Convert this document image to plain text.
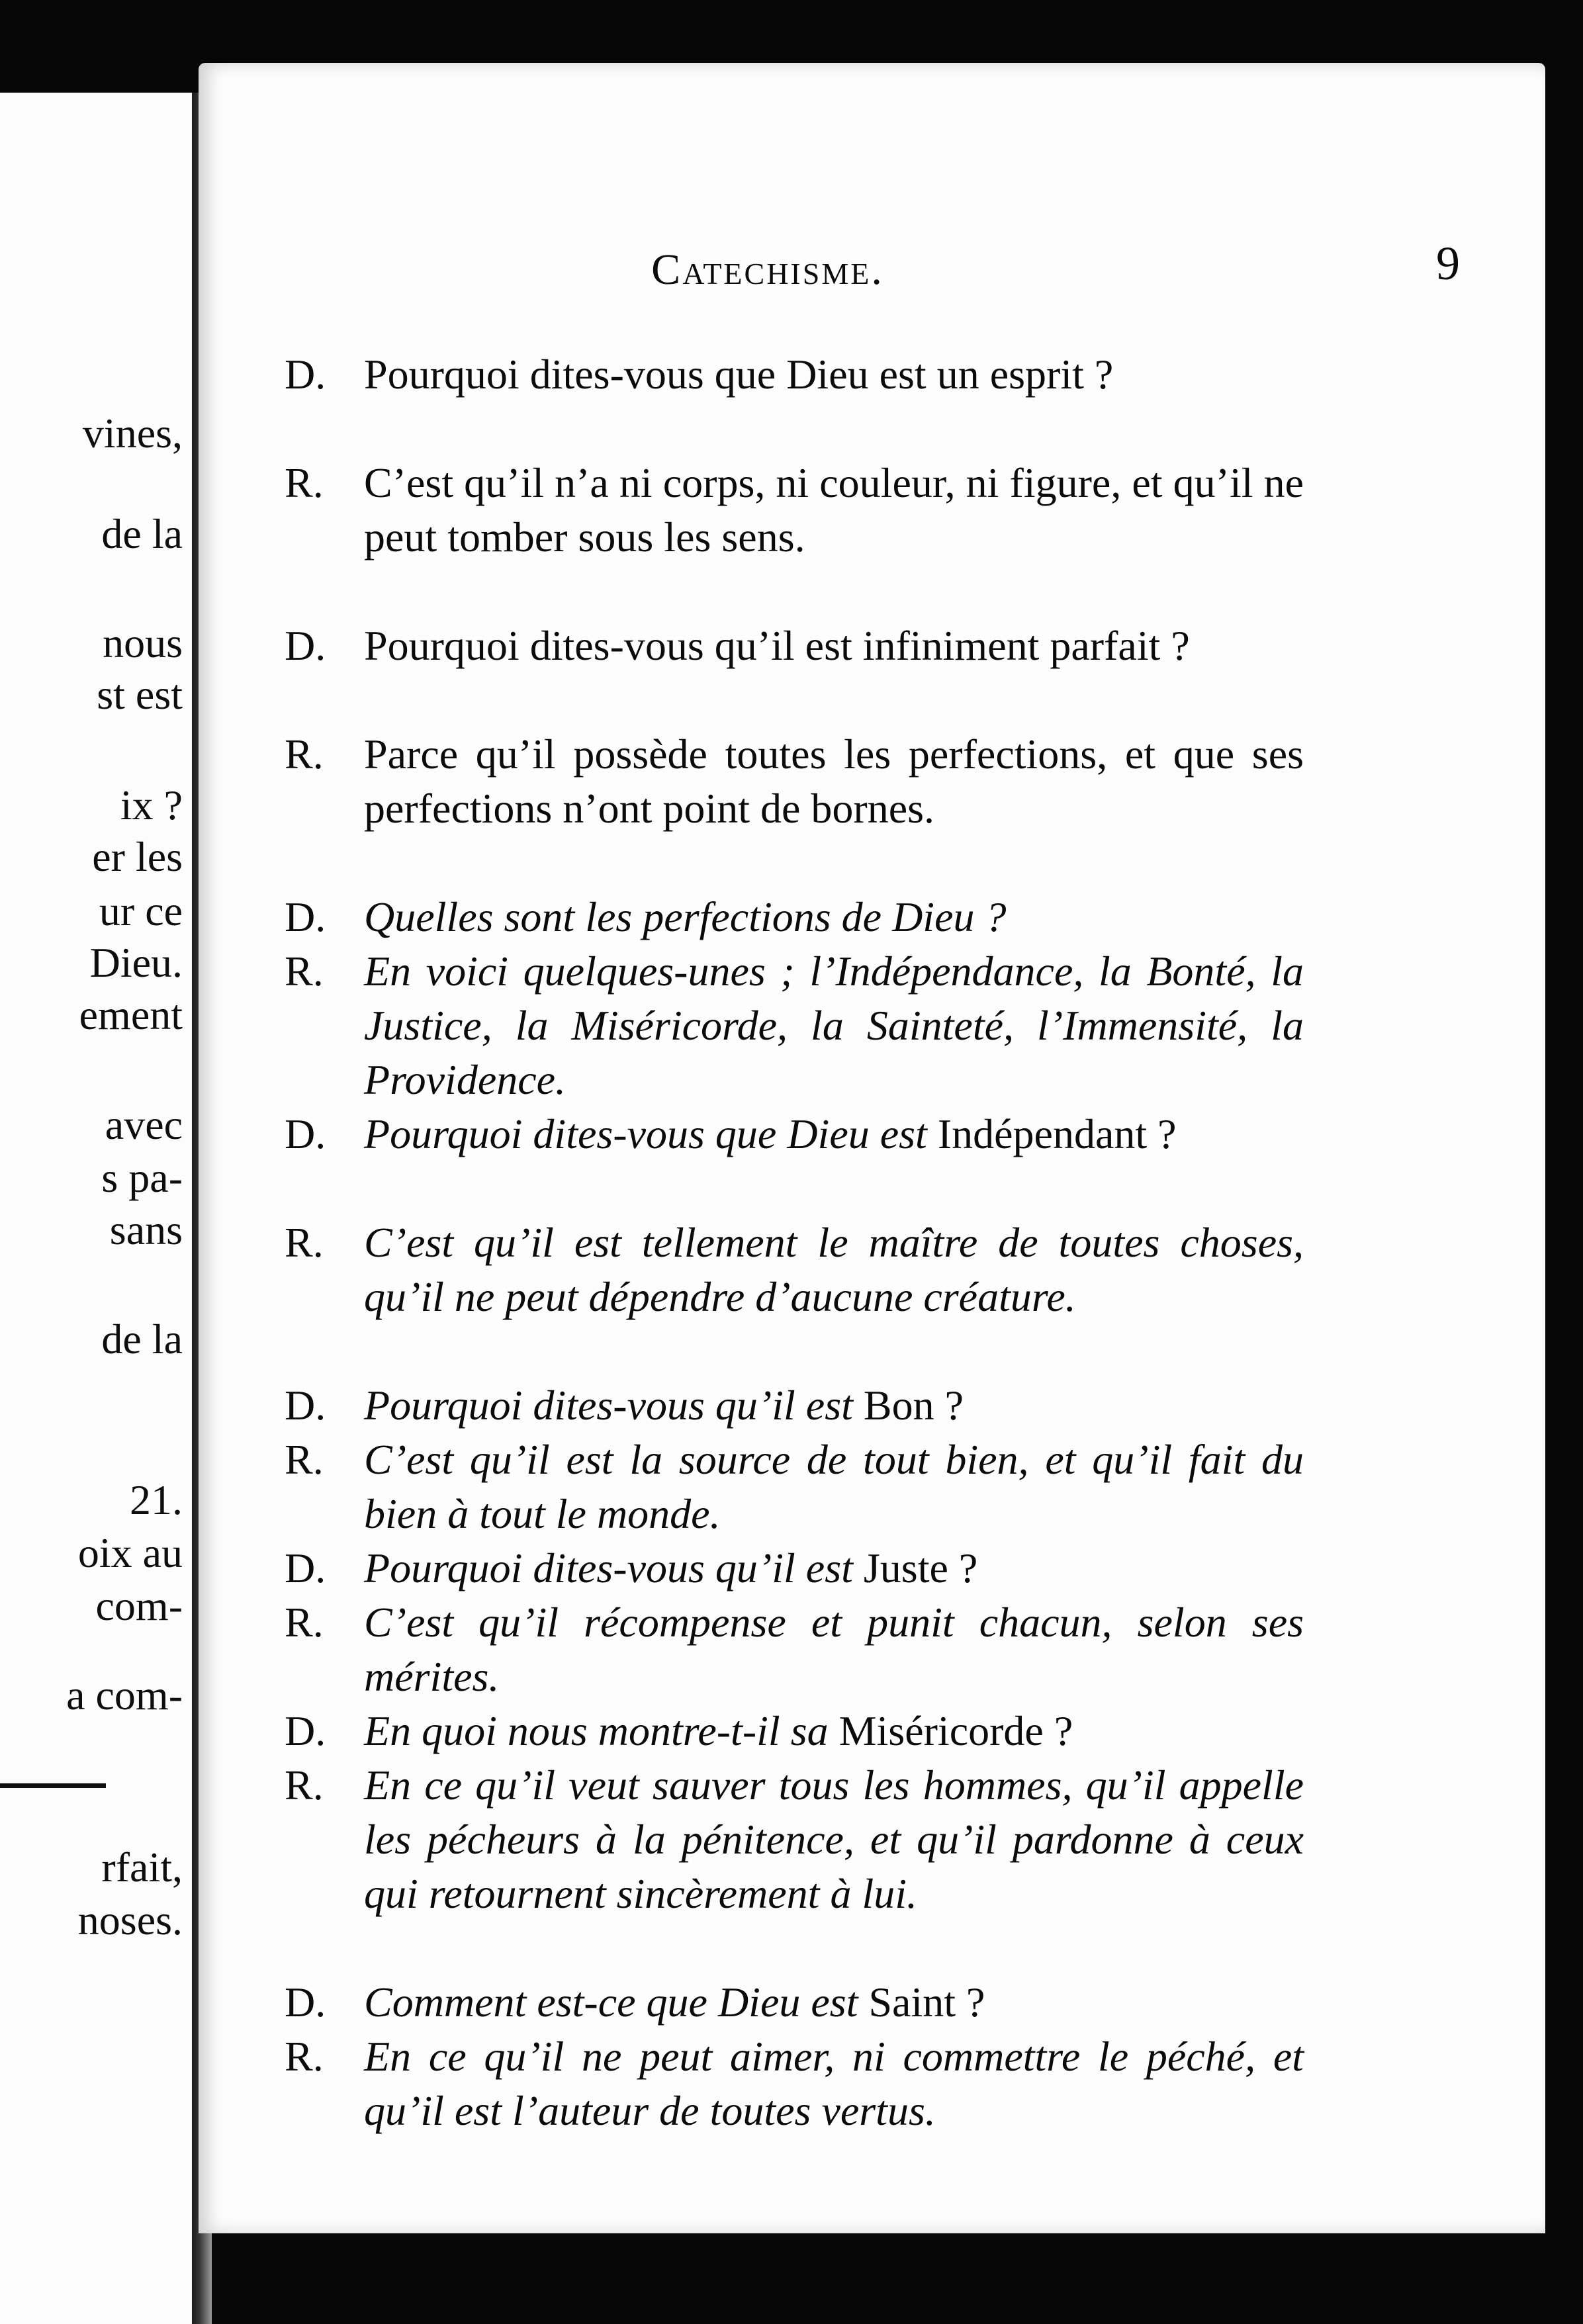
vines,
de la
nous
st est
ix ?
er les
ur ce
Dieu.
ement
avec
s pa-
sans
de la
21.
oix au
com-
a com-
rfait,
noses.
Catechisme.	9
D. Pourquoi dites-vous que Dieu est un esprit ?
R. C’est qu’il n’a ni corps, ni couleur, ni figure, et qu’il ne peut tomber sous les sens.
D. Pourquoi dites-vous qu’il est infiniment parfait ?
R. Parce qu’il possède toutes les perfections, et que ses perfections n’ont point de bornes.
D. Quelles sont les perfections de Dieu ?
R. En voici quelques-unes ; l’Indépendance, la Bonté, la Justice, la Miséricorde, la Sainteté, l’Immensité, la Providence.
D. Pourquoi dites-vous que Dieu est Indépendant ?
R. C’est qu’il est tellement le maître de toutes choses, qu’il ne peut dépendre d’aucune créature.
D. Pourquoi dites-vous qu’il est Bon ?
R. C’est qu’il est la source de tout bien, et qu’il fait du bien à tout le monde.
D. Pourquoi dites-vous qu’il est Juste ?
R. C’est qu’il récompense et punit chacun, selon ses mérites.
D. En quoi nous montre-t-il sa Miséricorde ?
R. En ce qu’il veut sauver tous les hommes, qu’il appelle les pécheurs à la pénitence, et qu’il pardonne à ceux qui retournent sincèrement à lui.
D. Comment est-ce que Dieu est Saint ?
R. En ce qu’il ne peut aimer, ni commettre le péché, et qu’il est l’auteur de toutes vertus.
